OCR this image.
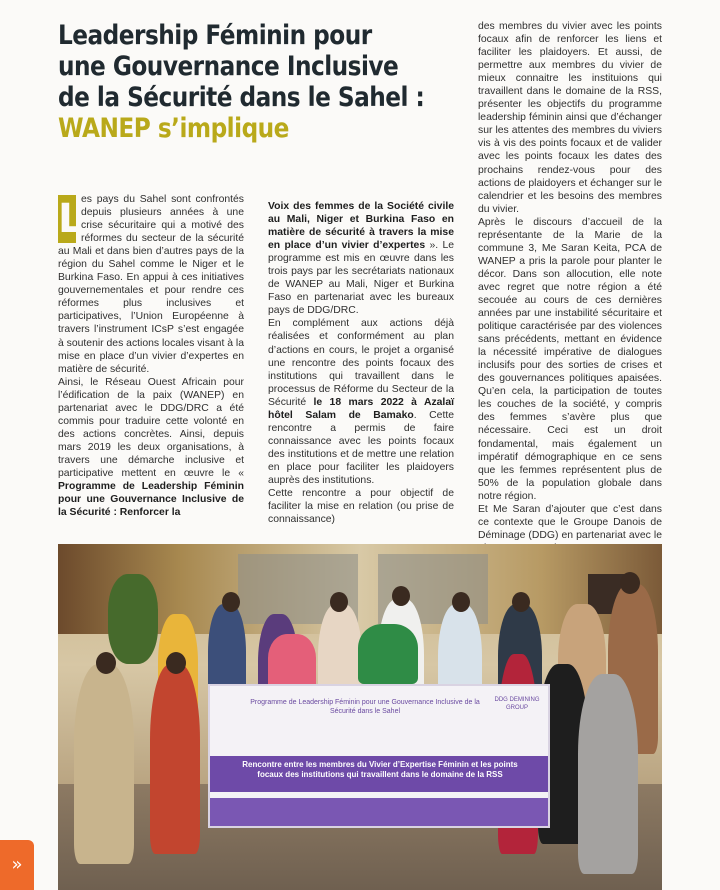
Leadership Féminin pour
une Gouvernance Inclusive
de la Sécurité dans le Sahel :
WANEP s’implique
L

es pays du Sahel sont confrontés depuis plusieurs années à une crise sécuritaire qui a motivé des réformes du secteur de la sécurité au Mali et dans bien d’autres pays de la région du Sahel comme le Niger et le Burkina Faso. En appui à ces initiatives gouvernementales et pour rendre ces réformes plus inclusives et participatives, l’Union Européenne à travers l’instrument ICsP s’est engagée à soutenir des actions locales visant à la mise en place d’un vivier d’expertes en matière de sécurité.

Ainsi, le Réseau Ouest Africain pour l’édification de la paix (WANEP) en partenariat avec le DDG/DRC a été commis pour traduire cette volonté en des actions concrètes. Ainsi, depuis mars 2019 les deux organisations, à travers une démarche inclusive et participative mettent en œuvre le « Programme de Leadership Féminin pour une Gouvernance Inclusive de la Sécurité : Renforcer la

Voix des femmes de la Société civile au Mali, Niger et Burkina Faso en matière de sécurité à travers la mise en place d’un vivier d’expertes ». Le programme est mis en œuvre dans les trois pays par les secrétariats nationaux de WANEP au Mali, Niger et Burkina Faso en partenariat avec les bureaux pays de DDG/DRC.

En complément aux actions déjà réalisées et conformément au plan d’actions en cours, le projet a organisé une rencontre des points focaux des institutions qui travaillent dans le processus de Réforme du Secteur de la Sécurité le 18 mars 2022 à Azalaï hôtel Salam de Bamako. Cette rencontre a permis de faire connaissance avec les points focaux des institutions et de mettre une relation en place pour faciliter les plaidoyers auprès des institutions.

Cette rencontre a pour objectif de faciliter la mise en relation (ou prise de connaissance)

des membres du vivier avec les points focaux afin de renforcer les liens et faciliter les plaidoyers. Et aussi, de permettre aux membres du vivier de mieux connaitre les instituions qui travaillent dans le domaine de la RSS, présenter les objectifs du programme leadership féminin ainsi que d’échanger sur les attentes des membres du viviers vis à vis des points focaux et de valider avec les points focaux les dates des prochains rendez-vous pour des actions de plaidoyers et échanger sur le calendrier et les besoins des membres du vivier.

Après le discours d’accueil de la représentante de la Marie de la commune 3, Me Saran Keita, PCA de WANEP a pris la parole pour planter le décor. Dans son allocution, elle note avec regret que notre région a été secouée au cours de ces dernières années par une instabilité sécuritaire et politique caractérisée par des violences sans précédents, mettant en évidence la nécessité impérative de dialogues inclusifs pour des sorties de crises et des gouvernances politiques apaisées. Qu’en cela, la participation de toutes les couches de la société, y compris des femmes s’avère plus que nécessaire. Ceci est un droit fondamental, mais également un impératif démographique en ce sens que les femmes représentent plus de 50% de la population globale dans notre région.

Et Me Saran d’ajouter que c’est dans ce contexte que le Groupe Danois de Déminage (DDG) en partenariat avec le

Programme de Leadership Féminin pour une Gouvernance Inclusive de la Sécurité dans le Sahel
DDG DEMINING GROUP
Rencontre entre les membres du Vivier d’Expertise Féminin et les points focaux des institutions qui travaillent dans le domaine de la RSS
»
